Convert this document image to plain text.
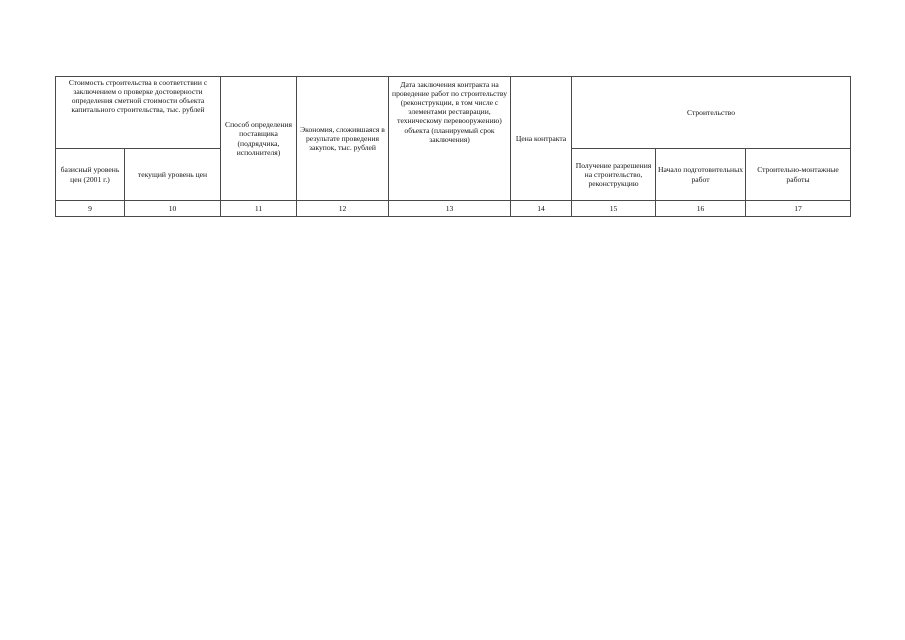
Стоимость строительства в соответствии с заключением о проверке достоверности определения сметной стоимости объекта капитального строительства, тыс. рублей		Способ определения поставщика (подрядчика, исполнителя)	Экономия, сложившаяся в результате проведения закупок, тыс. рублей	Дата заключения контракта на проведение работ по строительству (реконструкции, в том числе с элементами реставрации, техническому перевооружению) объекта (планируемый срок заключения)	Цена контракта	Строительство		
базисный уровень цен (2001 г.)	текущий уровень цен					Получение разрешения на строительство, реконструкцию	Начало подготовительных работ	Строительно-монтажные работы
9	10	11	12	13	14	15	16	17
